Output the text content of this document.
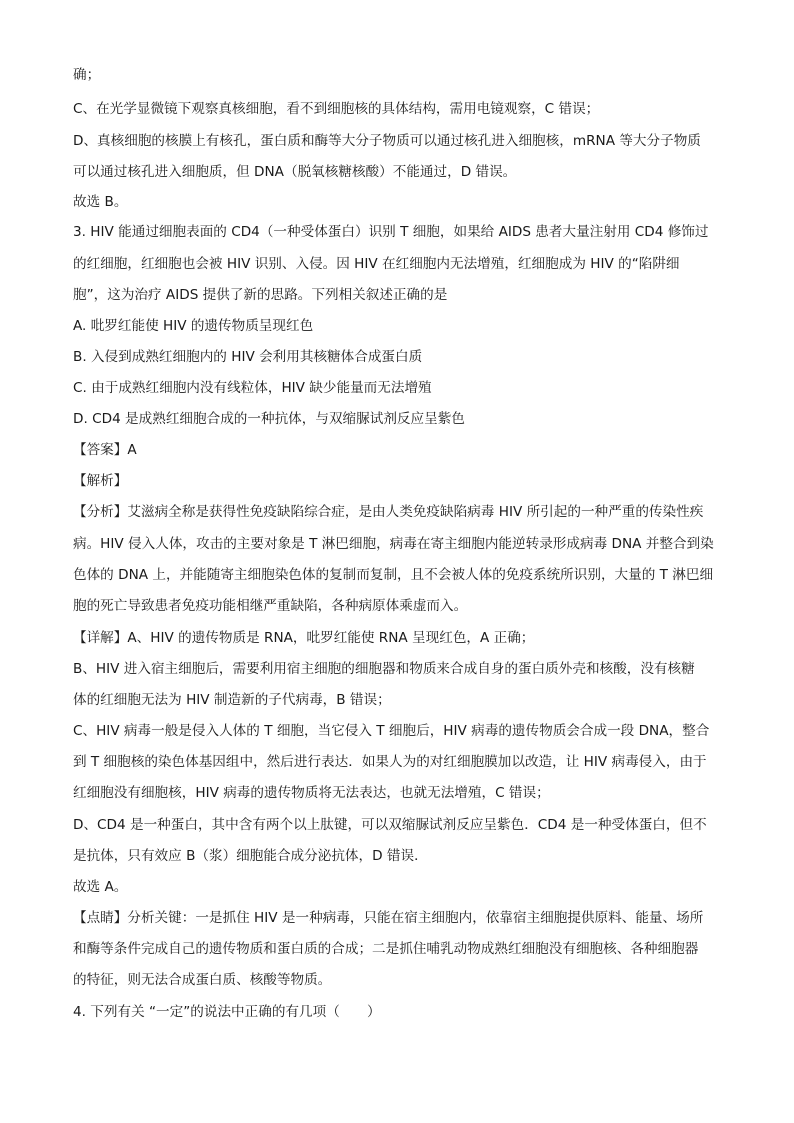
确；
C、在光学显微镜下观察真核细胞，看不到细胞核的具体结构，需用电镜观察，C 错误；
D、真核细胞的核膜上有核孔，蛋白质和酶等大分子物质可以通过核孔进入细胞核，mRNA 等大分子物质
可以通过核孔进入细胞质，但 DNA（脱氧核糖核酸）不能通过，D 错误。
故选 B。
3. HIV 能通过细胞表面的 CD4（一种受体蛋白）识别 T 细胞，如果给 AIDS 患者大量注射用 CD4 修饰过
的红细胞，红细胞也会被 HIV 识别、入侵。因 HIV 在红细胞内无法增殖，红细胞成为 HIV 的“陷阱细
胞”，这为治疗 AIDS 提供了新的思路。下列相关叙述正确的是
A. 吡罗红能使 HIV 的遗传物质呈现红色
B. 入侵到成熟红细胞内的 HIV 会利用其核糖体合成蛋白质
C. 由于成熟红细胞内没有线粒体，HIV 缺少能量而无法增殖
D. CD4 是成熟红细胞合成的一种抗体，与双缩脲试剂反应呈紫色
【答案】A
【解析】
【分析】艾滋病全称是获得性免疫缺陷综合症，是由人类免疫缺陷病毒 HIV 所引起的一种严重的传染性疾
病。HIV 侵入人体，攻击的主要对象是 T 淋巴细胞，病毒在寄主细胞内能逆转录形成病毒 DNA 并整合到染
色体的 DNA 上，并能随寄主细胞染色体的复制而复制，且不会被人体的免疫系统所识别，大量的 T 淋巴细
胞的死亡导致患者免疫功能相继严重缺陷，各种病原体乘虚而入。
【详解】A、HIV 的遗传物质是 RNA，吡罗红能使 RNA 呈现红色，A 正确；
B、HIV 进入宿主细胞后，需要利用宿主细胞的细胞器和物质来合成自身的蛋白质外壳和核酸，没有核糖
体的红细胞无法为 HIV 制造新的子代病毒，B 错误；
C、HIV 病毒一般是侵入人体的 T 细胞，当它侵入 T 细胞后，HIV 病毒的遗传物质会合成一段 DNA，整合
到 T 细胞核的染色体基因组中，然后进行表达．如果人为的对红细胞膜加以改造，让 HIV 病毒侵入，由于
红细胞没有细胞核，HIV 病毒的遗传物质将无法表达，也就无法增殖，C 错误；
D、CD4 是一种蛋白，其中含有两个以上肽键，可以双缩脲试剂反应呈紫色．CD4 是一种受体蛋白，但不
是抗体，只有效应 B（浆）细胞能合成分泌抗体，D 错误．
故选 A。
【点睛】分析关键：一是抓住 HIV 是一种病毒，只能在宿主细胞内，依靠宿主细胞提供原料、能量、场所
和酶等条件完成自己的遗传物质和蛋白质的合成；二是抓住哺乳动物成熟红细胞没有细胞核、各种细胞器
的特征，则无法合成蛋白质、核酸等物质。
4. 下列有关 “一定”的说法中正确的有几项（　　）
